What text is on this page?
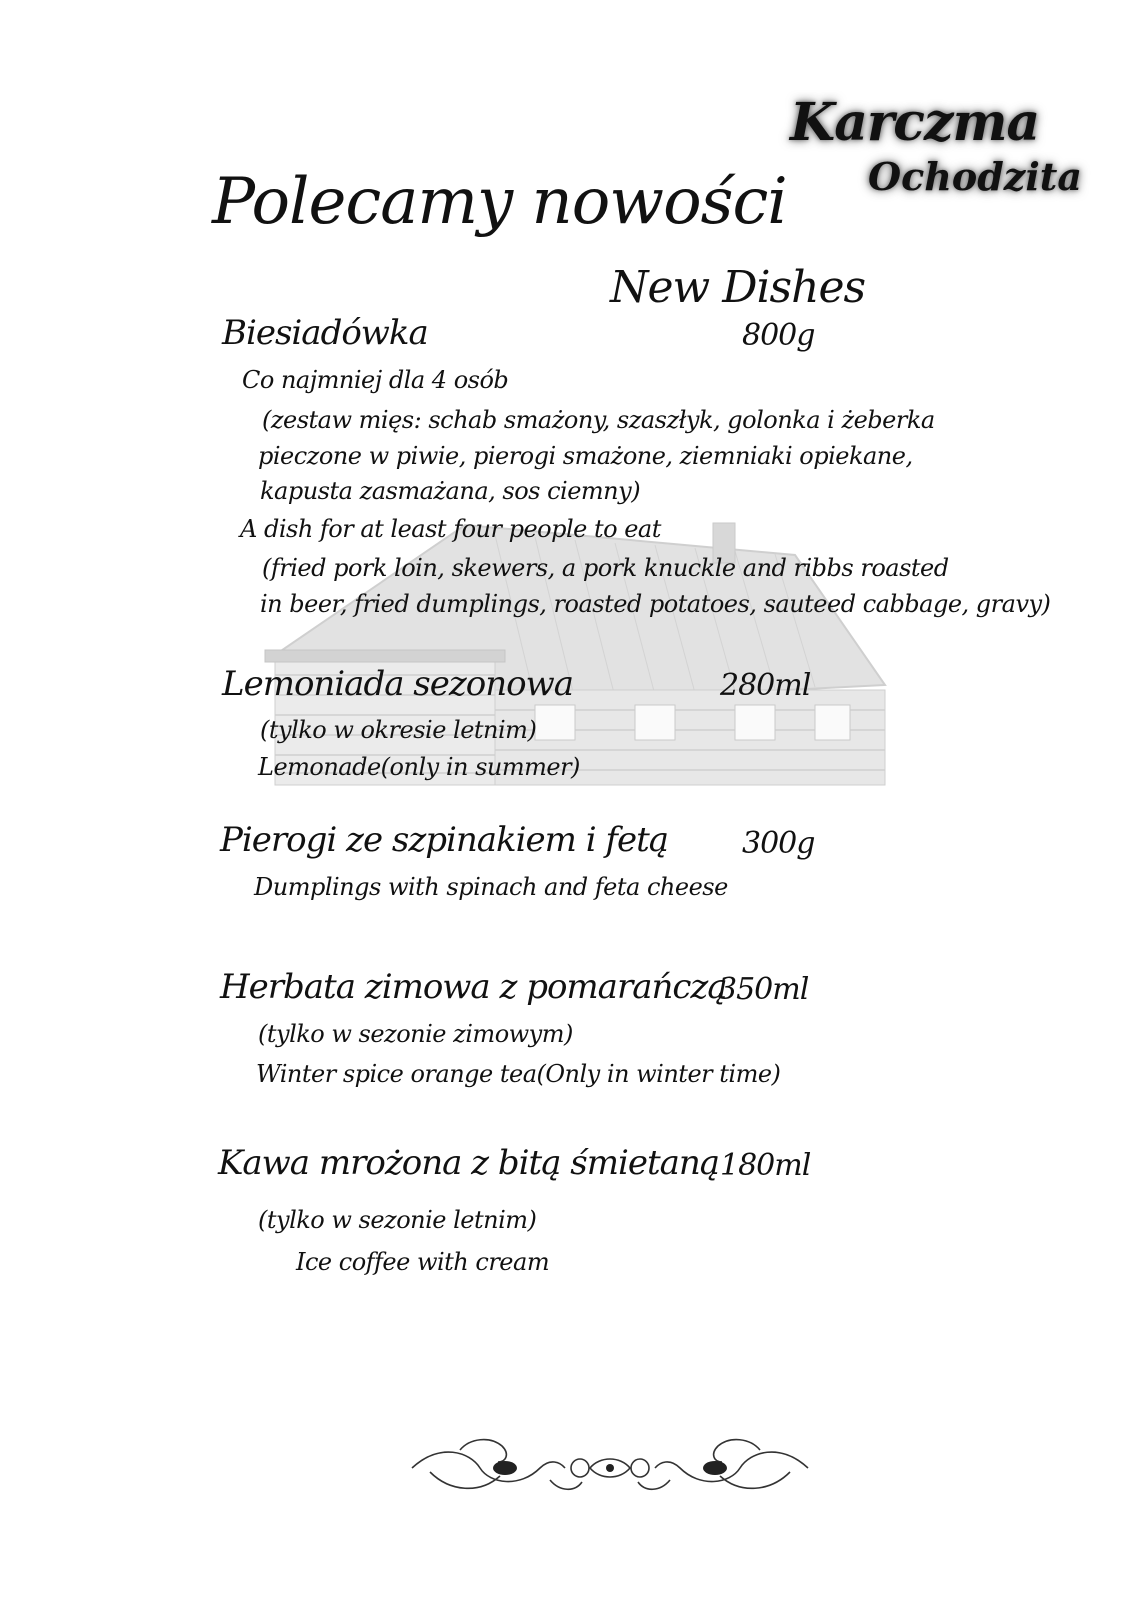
Karczma
Ochodzita
Polecamy nowości
New Dishes
Biesiadówka	800g
Co najmniej dla 4 osób
(zestaw mięs: schab smażony, szaszłyk, golonka i żeberka
pieczone w piwie, pierogi smażone, ziemniaki opiekane,
kapusta zasmażana, sos ciemny)
A dish for at least four people to eat
(fried pork loin, skewers, a pork knuckle and ribbs roasted
in beer, fried dumplings, roasted potatoes, sauteed cabbage, gravy)
Lemoniada sezonowa	280ml
(tylko w okresie letnim)
Lemonade(only in summer)
Pierogi ze szpinakiem i fetą 300g
Dumplings with spinach and feta cheese
Herbata zimowa z pomarańczą
350ml
(tylko w sezonie zimowym)
Winter spice orange tea(Only in winter time)
Kawa mrożona z bitą śmietaną 180ml
(tylko w sezonie letnim)
Ice coffee with cream
